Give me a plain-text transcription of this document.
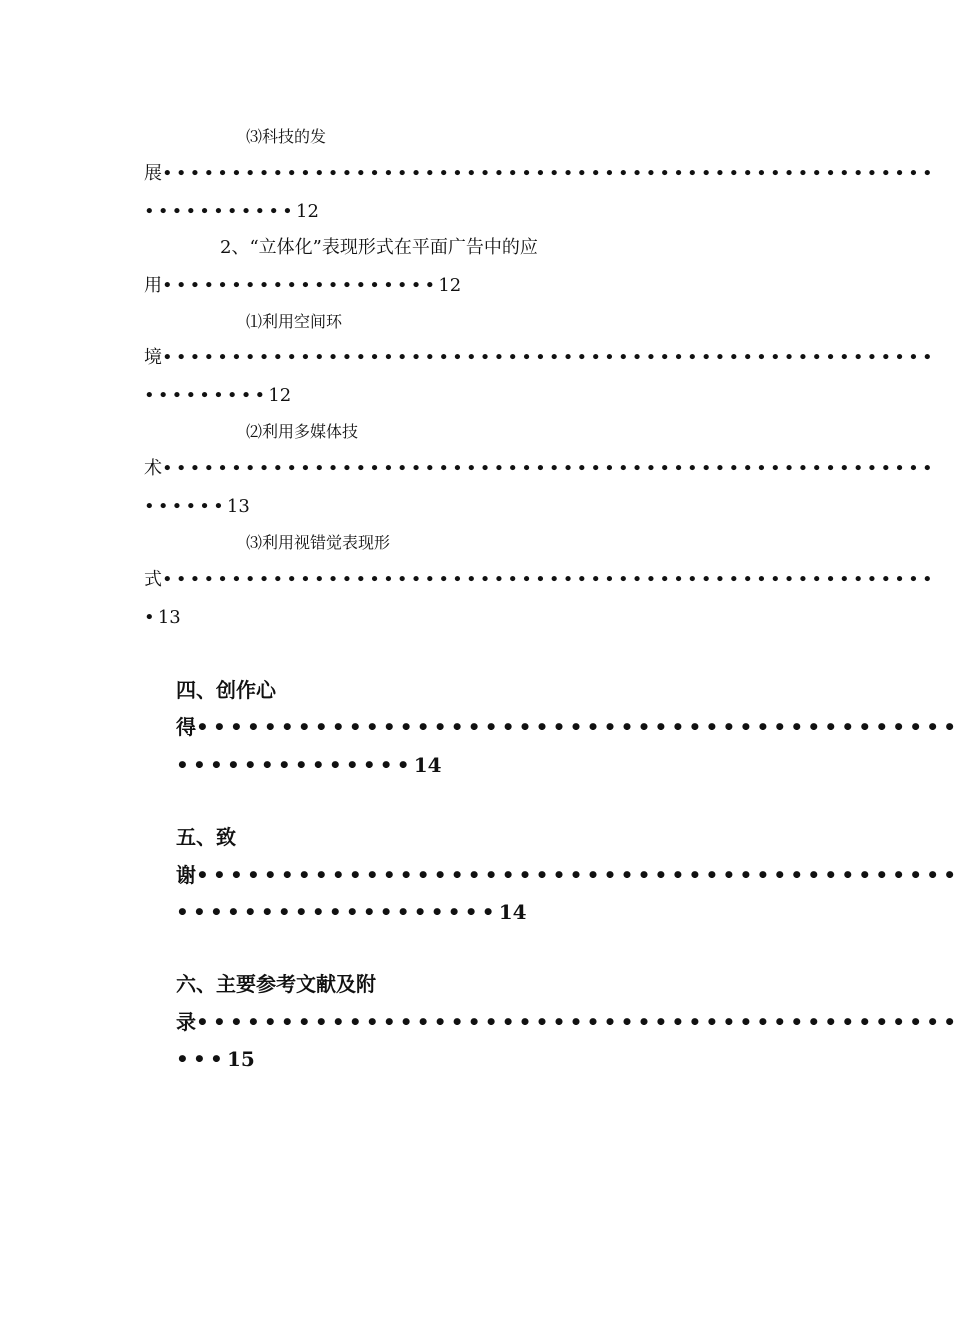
⑶科技的发
展••••••••••••••••••••••••••••••••••••••••••••••••••••••••
•••••••••••12
2、“立体化”表现形式在平面广告中的应
用••••••••••••••••••••12
⑴利用空间环
境••••••••••••••••••••••••••••••••••••••••••••••••••••••••
•••••••••12
⑵利用多媒体技
术••••••••••••••••••••••••••••••••••••••••••••••••••••••••
••••••13
⑶利用视错觉表现形
式••••••••••••••••••••••••••••••••••••••••••••••••••••••••
•13
四、创作心
得•••••••••••••••••••••••••••••••••••••••••••••
••••••••••••••14
五、致
谢•••••••••••••••••••••••••••••••••••••••••••••
•••••••••••••••••••14
六、主要参考文献及附
录•••••••••••••••••••••••••••••••••••••••••••••
•••15
